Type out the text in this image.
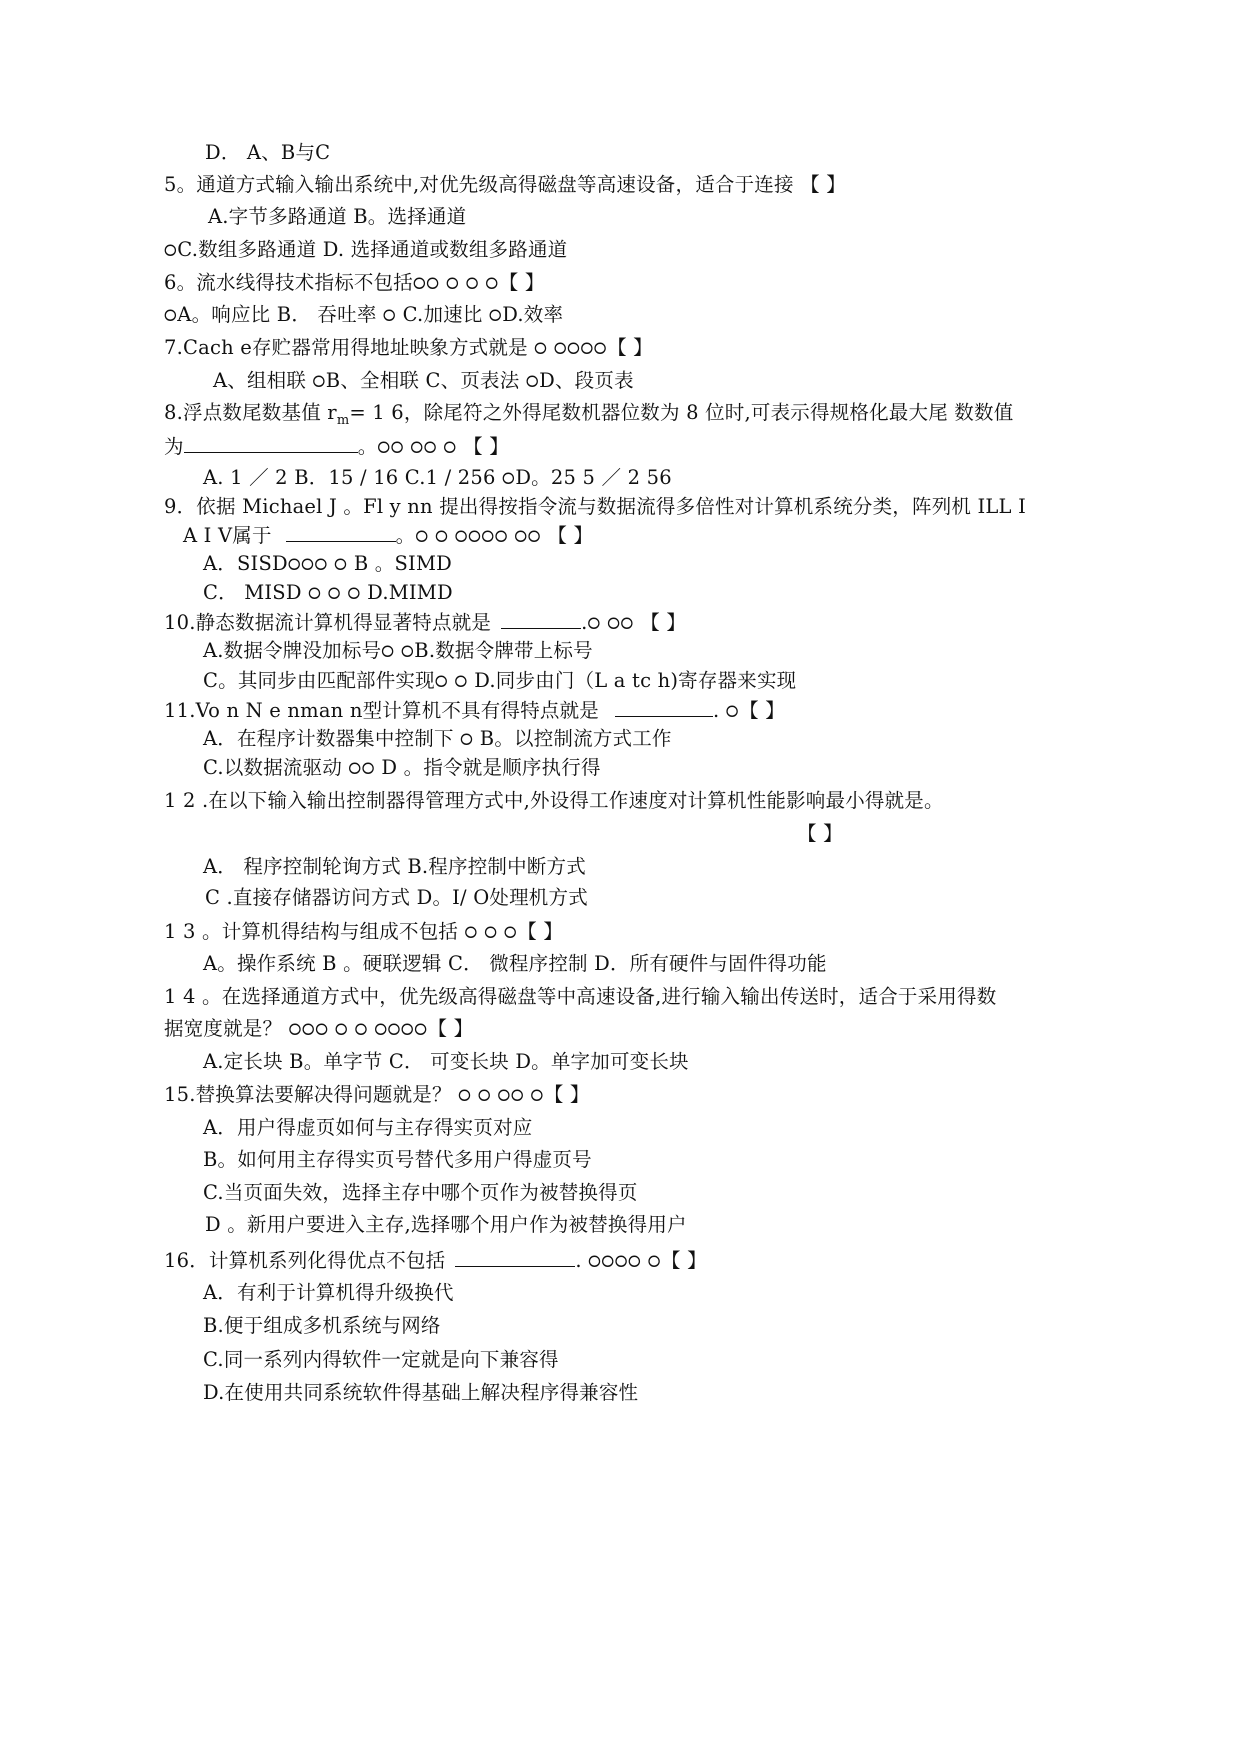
D． A、B与C
5。通道方式输入输出系统中,对优先级高得磁盘等高速设备，适合于连接 【 】
A.字节多路通道 B。选择通道
੦C.数组多路通道 D. 选择通道或数组多路通道
6。流水线得技术指标不包括੦੦ ੦ ੦ ੦【 】
੦A。响应比 B． 吞吐率 ੦ C.加速比 ੦D.效率
7.Cach e存贮器常用得地址映象方式就是 ੦ ੦੦੦੦【 】
A、组相联 ੦B、全相联 C、页表法 ੦D、段页表
8.浮点数尾数基值 $r_m= 1$ 6，除尾符之外得尾数机器位数为 8 位时,可表示得规格化最大尾 数数值
为	。੦੦ ੦੦ ੦ 【 】
A. 1 ／ 2 B．15 / 16 C.1 / 256 ੦D。25 5 ／ 2 56
9．依据 Michael J 。Fl y nn 提出得按指令流与数据流得多倍性对计算机系统分类，阵列机 ILL I
A I V属于	。੦ ੦ ੦੦੦੦ ੦੦ 【 】
A．SISD੦੦੦ ੦ B 。SIMD
C． MISD ੦ ੦ ੦ D.MIMD
10.静态数据流计算机得显著特点就是	.੦ ੦੦ 【 】
A.数据令牌没加标号੦ ੦B.数据令牌带上标号
C。其同步由匹配部件实现੦ ੦ D.同步由门（L a tc h)寄存器来实现
11.Vo n N e nman n型计算机不具有得特点就是	. ੦【 】
A．在程序计数器集中控制下 ੦ B。以控制流方式工作
C.以数据流驱动 ੦੦ D 。指令就是顺序执行得
1 2 .在以下输入输出控制器得管理方式中,外设得工作速度对计算机性能影响最小得就是。
【 】
A． 程序控制轮询方式 B.程序控制中断方式
C .直接存储器访问方式 D。I/ O处理机方式
1 3 。计算机得结构与组成不包括 ੦ ੦ ੦【 】
A。操作系统 B 。硬联逻辑 C． 微程序控制 D．所有硬件与固件得功能
1 4 。在选择通道方式中，优先级高得磁盘等中高速设备,进行输入输出传送时，适合于采用得数
据宽度就是？ ੦੦੦ ੦ ੦ ੦੦੦੦【 】
A.定长块 B。单字节 C． 可变长块 D。单字加可变长块
15.替换算法要解决得问题就是？ ੦ ੦ ੦੦ ੦【 】
A．用户得虚页如何与主存得实页对应
B。如何用主存得实页号替代多用户得虚页号
C.当页面失效，选择主存中哪个页作为被替换得页
D 。新用户要进入主存,选择哪个用户作为被替换得用户
16．计算机系列化得优点不包括	. ੦੦੦੦ ੦【 】
A．有利于计算机得升级换代
B.便于组成多机系统与网络
C.同一系列内得软件一定就是向下兼容得
D.在使用共同系统软件得基础上解决程序得兼容性
